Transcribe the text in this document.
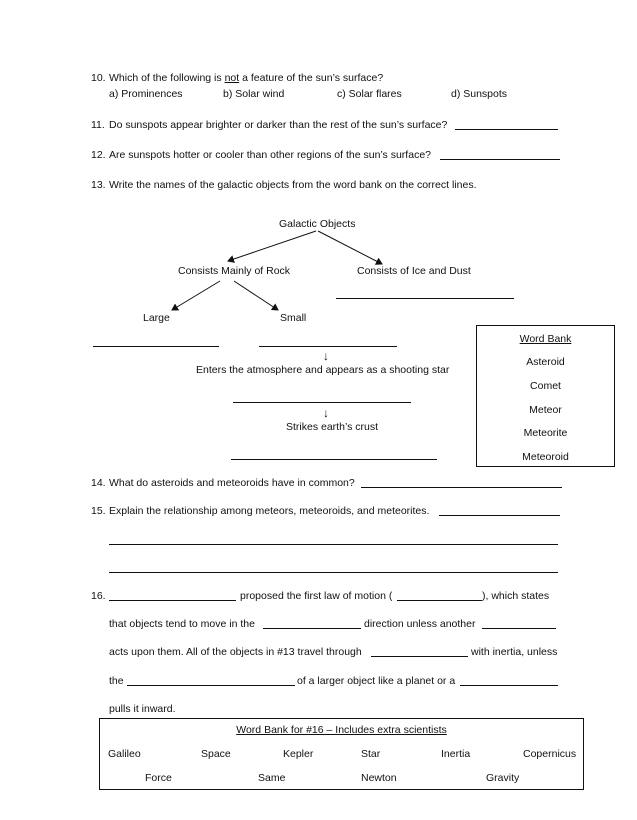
10. Which of the following is not a feature of the sun’s surface?
a) Prominences	b) Solar wind	c) Solar flares	d) Sunspots
11. Do sunspots appear brighter or darker than the rest of the sun’s surface?
12. Are sunspots hotter or cooler than other regions of the sun’s surface?
13. Write the names of the galactic objects from the word bank on the correct lines.
Galactic Objects
Consists Mainly of Rock	Consists of Ice and Dust
Large	Small
↓
Enters the atmosphere and appears as a shooting star
↓
Strikes earth’s crust
Word Bank
Asteroid
Comet
Meteor
Meteorite
Meteoroid
14. What do asteroids and meteoroids have in common?
15. Explain the relationship among meteors, meteoroids, and meteorites.
16.	proposed the first law of motion (	), which states
that objects tend to move in the	direction unless another
acts upon them. All of the objects in #13 travel through	with inertia, unless
the	of a larger object like a planet or a
pulls it inward.
Word Bank for #16 – Includes extra scientists
Galileo	Space	Kepler	Star	Inertia	Copernicus
Force	Same	Newton	Gravity
